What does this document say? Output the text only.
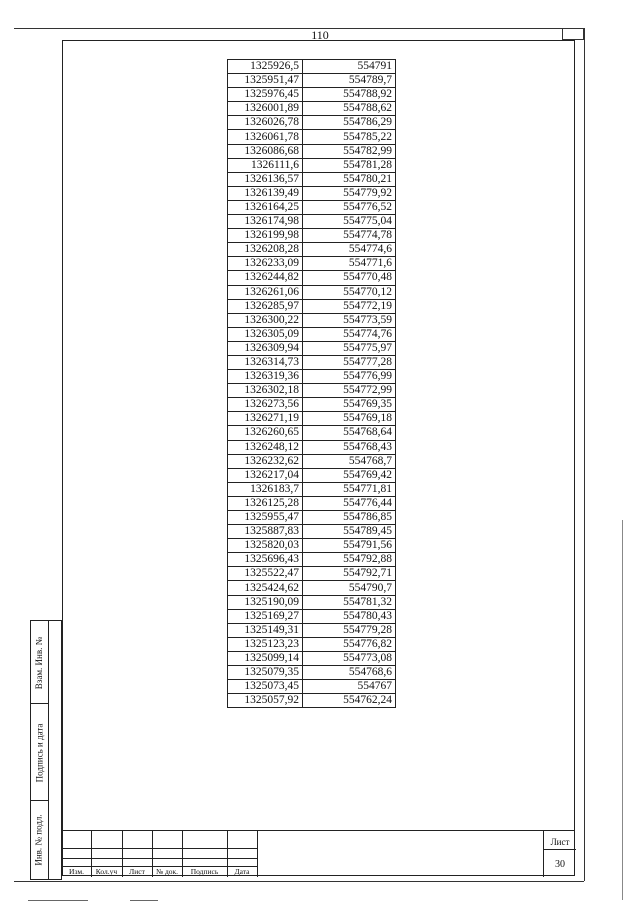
110
1325926,5	554791
1325951,47	554789,7
1325976,45	554788,92
1326001,89	554788,62
1326026,78	554786,29
1326061,78	554785,22
1326086,68	554782,99
1326111,6	554781,28
1326136,57	554780,21
1326139,49	554779,92
1326164,25	554776,52
1326174,98	554775,04
1326199,98	554774,78
1326208,28	554774,6
1326233,09	554771,6
1326244,82	554770,48
1326261,06	554770,12
1326285,97	554772,19
1326300,22	554773,59
1326305,09	554774,76
1326309,94	554775,97
1326314,73	554777,28
1326319,36	554776,99
1326302,18	554772,99
1326273,56	554769,35
1326271,19	554769,18
1326260,65	554768,64
1326248,12	554768,43
1326232,62	554768,7
1326217,04	554769,42
1326183,7	554771,81
1326125,28	554776,44
1325955,47	554786,85
1325887,83	554789,45
1325820,03	554791,56
1325696,43	554792,88
1325522,47	554792,71
1325424,62	554790,7
1325190,09	554781,32
1325169,27	554780,43
1325149,31	554779,28
1325123,23	554776,82
1325099,14	554773,08
1325079,35	554768,6
1325073,45	554767
1325057,92	554762,24
Взам. Инв. №
Подпись и дата
Инв. № подл.
Изм.	Кол.уч	Лист	№ док.	Подпись	Дата
Лист
30
